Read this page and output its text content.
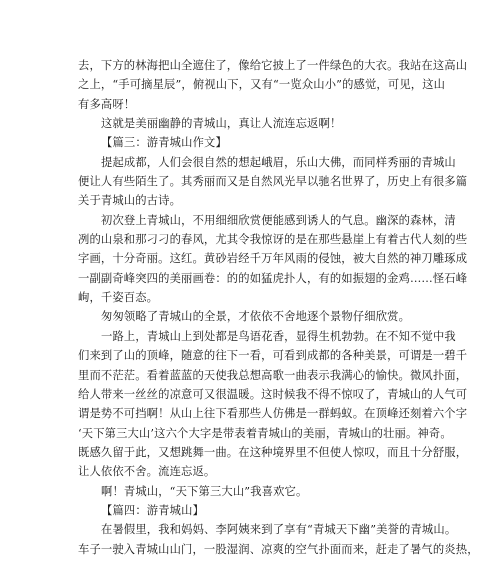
去，下方的林海把山全遮住了，像给它披上了一件绿色的大衣。我站在这高山
之上，“手可摘星辰”，俯视山下，又有“一览众山小”的感觉，可见，这山
有多高呀！
这就是美丽幽静的青城山，真让人流连忘返啊！
【篇三：游青城山作文】
提起成都，人们会很自然的想起峨眉，乐山大佛，而同样秀丽的青城山
便让人有些陌生了。其秀丽而又是自然风光早以驰名世界了，历史上有很多篇
关于青城山的古诗。
初次登上青城山，不用细细欣赏便能感到诱人的气息。幽深的森林，清
冽的山泉和那刁刁的春风，尤其令我惊讶的是在那些悬崖上有着古代人刻的些
字画，十分奇丽。这红。黄砂岩经千万年风雨的侵蚀，被大自然的神刀雕琢成
一副副奇峰突四的美丽画卷：的的如猛虎扑人，有的如振翅的金鸡……怪石峰
峋，千姿百态。
匆匆领略了青城山的全景，才依依不舍地逐个景物仔细欣赏。
一路上，青城山上到处都是鸟语花香，显得生机勃勃。在不知不觉中我
们来到了山的顶峰，随意的往下一看，可看到成都的各种美景，可谓是一碧千
里而不茫茫。看着蓝蓝的天使我总想高歌一曲表示我满心的愉快。微风扑面，
给人带来一丝丝的凉意可又很温暖。这时候我不得不惊叹了，青城山的人气可
谓是势不可挡啊！从山上往下看那些人仿佛是一群蚂蚁。在顶峰还刻着六个字
‘天下第三大山’这六个大字是带表着青城山的美丽，青城山的壮丽。神奇。
既感久留于此，又想跳舞一曲。在这种境界里不但使人惊叹，而且十分舒服，
让人依依不舍。流连忘返。
啊！青城山，“天下第三大山”我喜欢它。
【篇四：游青城山】
在暑假里，我和妈妈、李阿姨来到了享有“青城天下幽”美誉的青城山。
车子一驶入青城山山门，一股湿润、凉爽的空气扑面而来，赶走了暑气的炎热，
